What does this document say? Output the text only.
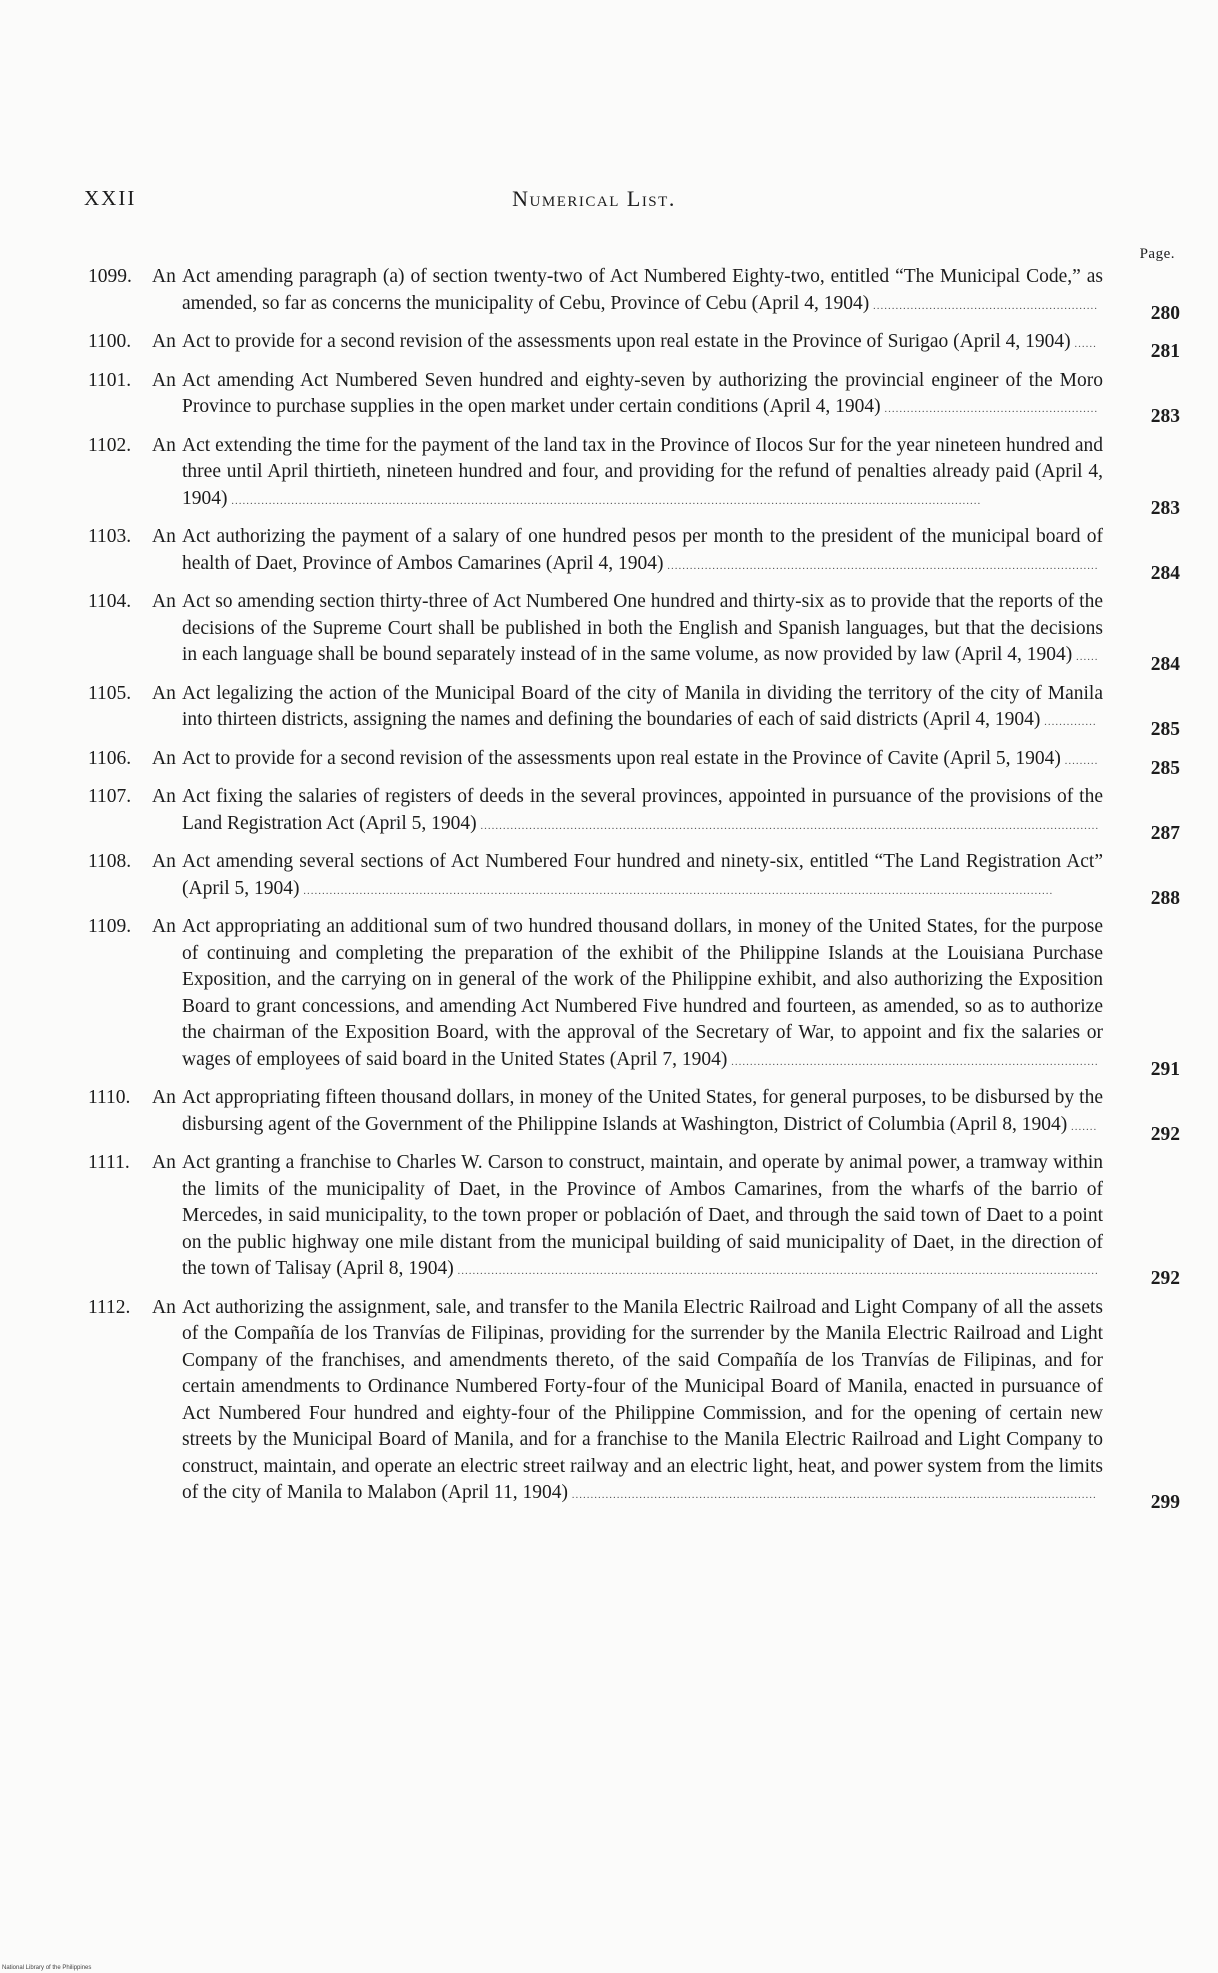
XXII	Numerical List.
Page.
1099. An Act amending paragraph (a) of section twenty-two of Act Numbered Eighty-two, entitled “The Municipal Code,” as amended, so far as concerns the municipality of Cebu, Province of Cebu (April 4, 1904) ............................................................	280
1100. An Act to provide for a second revision of the assessments upon real estate in the Province of Surigao (April 4, 1904) ......	281
1101. An Act amending Act Numbered Seven hundred and eighty-seven by authorizing the provincial engineer of the Moro Province to purchase supplies in the open market under certain conditions (April 4, 1904) .........................................................	283
1102. An Act extending the time for the payment of the land tax in the Province of Ilocos Sur for the year nineteen hundred and three until April thirtieth, nineteen hundred and four, and providing for the refund of penalties already paid (April 4, 1904) ........................................................................................................................................................................................................	283
1103. An Act authorizing the payment of a salary of one hundred pesos per month to the president of the municipal board of health of Daet, Province of Ambos Camarines (April 4, 1904) ...................................................................................................................	284
1104. An Act so amending section thirty-three of Act Numbered One hundred and thirty-six as to provide that the reports of the decisions of the Supreme Court shall be published in both the English and Spanish languages, but that the decisions in each language shall be bound separately instead of in the same volume, as now provided by law (April 4, 1904) ......	284
1105. An Act legalizing the action of the Municipal Board of the city of Manila in dividing the territory of the city of Manila into thirteen districts, assigning the names and defining the boundaries of each of said districts (April 4, 1904) ..............	285
1106. An Act to provide for a second revision of the assessments upon real estate in the Province of Cavite (April 5, 1904) .........	285
1107. An Act fixing the salaries of registers of deeds in the several provinces, appointed in pursuance of the provisions of the Land Registration Act (April 5, 1904) .....................................................................................................................................................................	287
1108. An Act amending several sections of Act Numbered Four hundred and ninety-six, entitled “The Land Registration Act” (April 5, 1904) ........................................................................................................................................................................................................	288
1109. An Act appropriating an additional sum of two hundred thousand dollars, in money of the United States, for the purpose of continuing and completing the preparation of the exhibit of the Philippine Islands at the Louisiana Purchase Exposition, and the carrying on in general of the work of the Philippine exhibit, and also authorizing the Exposition Board to grant concessions, and amending Act Numbered Five hundred and fourteen, as amended, so as to authorize the chairman of the Exposition Board, with the approval of the Secretary of War, to appoint and fix the salaries or wages of employees of said board in the United States (April 7, 1904) ..................................................................................................	291
1110. An Act appropriating fifteen thousand dollars, in money of the United States, for general purposes, to be disbursed by the disbursing agent of the Government of the Philippine Islands at Washington, District of Columbia (April 8, 1904) .......	292
1111. An Act granting a franchise to Charles W. Carson to construct, maintain, and operate by animal power, a tramway within the limits of the municipality of Daet, in the Province of Ambos Camarines, from the wharfs of the barrio of Mercedes, in said municipality, to the town proper or población of Daet, and through the said town of Daet to a point on the public highway one mile distant from the municipal building of said municipality of Daet, in the direction of the town of Talisay (April 8, 1904) ...........................................................................................................................................................................	292
1112. An Act authorizing the assignment, sale, and transfer to the Manila Electric Railroad and Light Company of all the assets of the Compañía de los Tranvías de Filipinas, providing for the surrender by the Manila Electric Railroad and Light Company of the franchises, and amendments thereto, of the said Compañía de los Tranvías de Filipinas, and for certain amendments to Ordinance Numbered Forty-four of the Municipal Board of Manila, enacted in pursuance of Act Numbered Four hundred and eighty-four of the Philippine Commission, and for the opening of certain new streets by the Municipal Board of Manila, and for a franchise to the Manila Electric Railroad and Light Company to construct, maintain, and operate an electric street railway and an electric light, heat, and power system from the limits of the city of Manila to Malabon (April 11, 1904) ............................................................................................................................................	299
National Library of the Philippines
